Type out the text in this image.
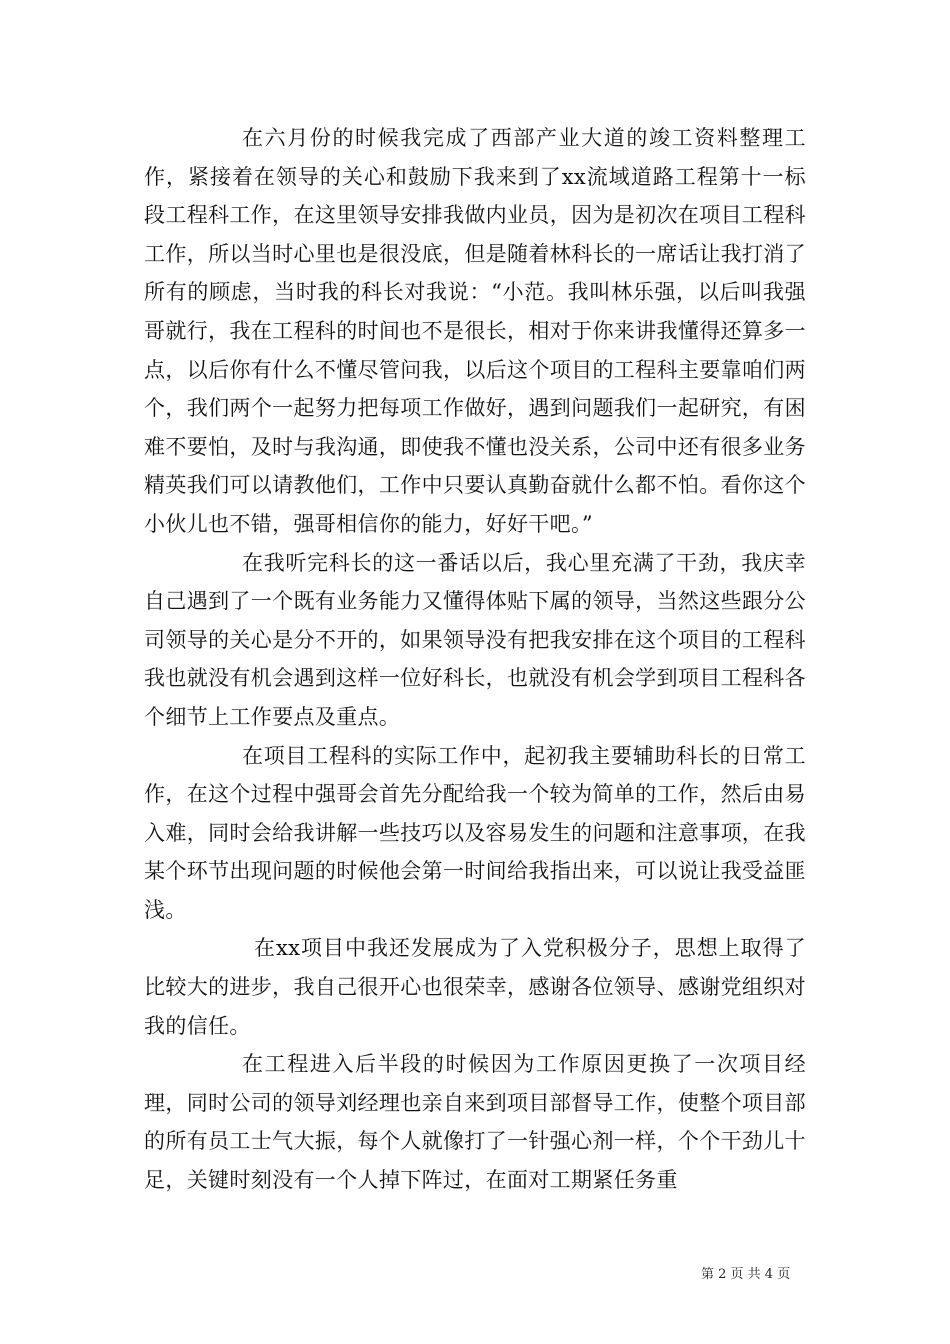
在六月份的时候我完成了西部产业大道的竣工资料整理工作，紧接着在领导的关心和鼓励下我来到了xx流域道路工程第十一标段工程科工作，在这里领导安排我做内业员，因为是初次在项目工程科工作，所以当时心里也是很没底，但是随着林科长的一席话让我打消了所有的顾虑，当时我的科长对我说：“小范。我叫林乐强，以后叫我强哥就行，我在工程科的时间也不是很长，相对于你来讲我懂得还算多一点，以后你有什么不懂尽管问我，以后这个项目的工程科主要靠咱们两个，我们两个一起努力把每项工作做好，遇到问题我们一起研究，有困难不要怕，及时与我沟通，即使我不懂也没关系，公司中还有很多业务精英我们可以请教他们，工作中只要认真勤奋就什么都不怕。看你这个小伙儿也不错，强哥相信你的能力，好好干吧。”

在我听完科长的这一番话以后，我心里充满了干劲，我庆幸自己遇到了一个既有业务能力又懂得体贴下属的领导，当然这些跟分公司领导的关心是分不开的，如果领导没有把我安排在这个项目的工程科我也就没有机会遇到这样一位好科长，也就没有机会学到项目工程科各个细节上工作要点及重点。

在项目工程科的实际工作中，起初我主要辅助科长的日常工作，在这个过程中强哥会首先分配给我一个较为简单的工作，然后由易入难，同时会给我讲解一些技巧以及容易发生的问题和注意事项，在我某个环节出现问题的时候他会第一时间给我指出来，可以说让我受益匪浅。

在xx项目中我还发展成为了入党积极分子，思想上取得了比较大的进步，我自己很开心也很荣幸，感谢各位领导、感谢党组织对我的信任。

在工程进入后半段的时候因为工作原因更换了一次项目经理，同时公司的领导刘经理也亲自来到项目部督导工作，使整个项目部的所有员工士气大振，每个人就像打了一针强心剂一样，个个干劲儿十足，关键时刻没有一个人掉下阵过，在面对工期紧任务重

第 2 页 共 4 页
